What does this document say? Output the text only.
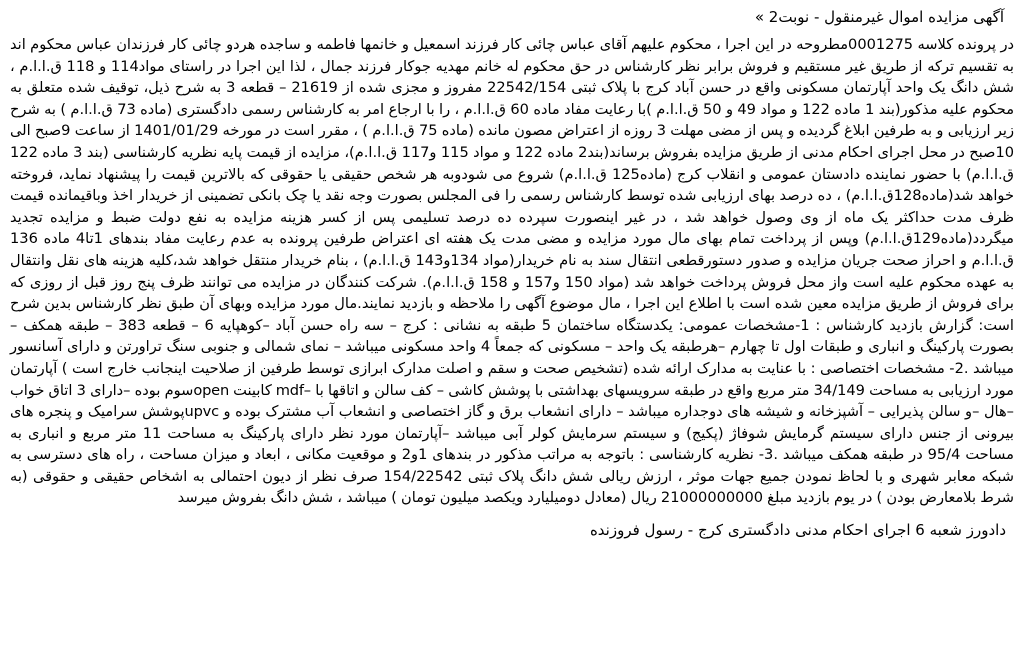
آگهی مزایده اموال غیرمنقول - نوبت2 »
در پرونده کلاسه 0001275مطروحه در این اجرا ، محکوم علیهم آقای عباس چائی کار فرزند اسمعیل و خانمها فاطمه و ساجده هردو چائی کار فرزندان عباس محکوم اند به تقسیم ترکه از طریق غیر مستقیم و فروش برابر نظر کارشناس در حق محکوم له خانم مهدیه جوکار فرزند جمال ، لذا این اجرا در راستای مواد114 و 118 ق.ا.ا.م ، شش دانگ یک واحد آپارتمان مسکونی واقع در حسن آباد کرج با پلاک ثبتی 22542/154 مفروز و مجزی شده از 21619 – قطعه 3 به شرح ذیل، توقیف شده متعلق به محکوم علیه مذکور(بند 1 ماده 122 و مواد 49 و 50 ق.ا.ا.م )با رعایت مفاد ماده 60 ق.ا.ا.م ، را با ارجاع امر به کارشناس رسمی دادگستری (ماده 73 ق.ا.ا.م ) به شرح زیر ارزیابی و به طرفین ابلاغ گردیده و پس از مضی مهلت 3 روزه از اعتراض مصون مانده (ماده 75 ق.ا.ا.م ) ، مقرر است در مورخه 1401/01/29 از ساعت 9صبح الی 10صبح در محل اجرای احکام مدنی از طریق مزایده بفروش برساند(بند2 ماده 122 و مواد 115 و117 ق.ا.ا.م)، مزایده از قیمت پایه نظریه کارشناسی (بند 3 ماده 122 ق.ا.ا.م) با حضور نماینده دادستان عمومی و انقلاب کرج (ماده125 ق.ا.ا.م) شروع می شودوبه هر شخص حقیقی یا حقوقی که بالاترین قیمت را پیشنهاد نماید، فروخته خواهد شد(ماده128ق.ا.ا.م) ، ده درصد بهای ارزیابی شده توسط کارشناس رسمی را فی المجلس بصورت وجه نقد یا چک بانکی تضمینی از خریدار اخذ وباقیمانده قیمت ظرف مدت حداکثر یک ماه از وی وصول خواهد شد ، در غیر اینصورت سپرده ده درصد تسلیمی پس از کسر هزینه مزایده به نفع دولت ضبط و مزایده تجدید میگردد(ماده129ق.ا.ا.م) وپس از پرداخت تمام بهای مال مورد مزایده و مضی مدت یک هفته ای اعتراض طرفین پرونده به عدم رعایت مفاد بندهای 1تا4 ماده 136 ق.ا.ا.م و احراز صحت جریان مزایده و صدور دستورقطعی انتقال سند به نام خریدار(مواد 134و143 ق.ا.ا.م) ، بنام خریدار منتقل خواهد شد،کلیه هزینه های نقل وانتقال به عهده محکوم علیه است واز محل فروش پرداخت خواهد شد (مواد 150 و157 و 158 ق.ا.ا.م). شرکت کنندگان در مزایده می توانند ظرف پنج روز قبل از روزی که برای فروش از طریق مزایده معین شده است با اطلاع این اجرا ، مال موضوع آگهی را ملاحظه و بازدید نمایند.مال مورد مزایده وبهای آن طبق نظر کارشناس بدین شرح است: گزارش بازدید کارشناس : 1-مشخصات عمومی: یکدستگاه ساختمان 5 طبقه به نشانی : کرج – سه راه حسن آباد –کوهپایه 6 – قطعه 383 – طبقه همکف – بصورت پارکینگ و انباری و طبقات اول تا چهارم –هرطبقه یک واحد – مسکونی که جمعاً 4 واحد مسکونی میباشد – نمای شمالی و جنوبی سنگ تراورتن و دارای آسانسور میباشد .2- مشخصات اختصاصی : با عنایت به مدارک ارائه شده (تشخیص صحت و سقم و اصلت مدارک ابرازی توسط طرفین از صلاحیت اینجانب خارج است ) آپارتمان مورد ارزیابی به مساحت 34/149 متر مربع واقع در طبقه سرویسهای بهداشتی با پوشش کاشی – کف سالن و اتاقها با –mdf کابینت openسوم بوده –دارای 3 اتاق خواب –هال –و سالن پذیرایی – آشپزخانه و شیشه های دوجداره میباشد – دارای انشعاب برق و گاز اختصاصی و انشعاب آب مشترک بوده و upvcپوشش سرامیک و پنجره های بیرونی از جنس دارای سیستم گرمایش شوفاژ (پکیج) و سیستم سرمایش کولر آبی میباشد –آپارتمان مورد نظر دارای پارکینگ به مساحت 11 متر مربع و انباری به مساحت 95/4 در طبقه همکف میباشد .3- نظریه کارشناسی : باتوجه به مراتب مذکور در بندهای 1و2 و موقعیت مکانی ، ابعاد و میزان مساحت ، راه های دسترسی به شبکه معابر شهری و با لحاظ نمودن جمیع جهات موثر ، ارزش ریالی شش دانگ پلاک ثبتی 154/22542 صرف نظر از دیون احتمالی به اشخاص حقیقی و حقوقی (به شرط بلامعارض بودن ) در یوم بازدید مبلغ 21000000000 ریال (معادل دومیلیارد ویکصد میلیون تومان ) میباشد ، شش دانگ بفروش میرسد
دادورز شعبه 6 اجرای احکام مدنی دادگستری کرج - رسول فروزنده
